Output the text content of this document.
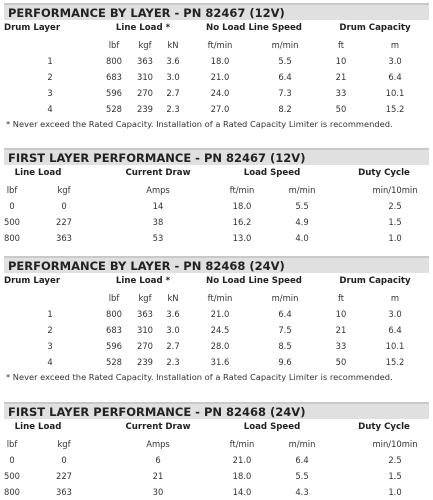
PERFORMANCE BY LAYER - PN 82467 (12V)
Drum Layer	Line Load *	No Load Line Speed	Drum Capacity
lbf kgf kN	ft/min	m/min	ft	m
1	800 363 3.6	18.0	5.5	10	3.0
2	683 310 3.0	21.0	6.4	21	6.4
3	596 270 2.7	24.0	7.3	33	10.1
4	528 239 2.3	27.0	8.2	50	15.2
* Never exceed the Rated Capacity. Installation of a Rated Capacity Limiter is recommended.
FIRST LAYER PERFORMANCE - PN 82467 (12V)
Line Load	Current Draw	Load Speed	Duty Cycle
lbf	kgf	Amps	ft/min	m/min	min/10min
0	0	14	18.0	5.5	2.5
500	227	38	16.2	4.9	1.5
800	363	53	13.0	4.0	1.0
PERFORMANCE BY LAYER - PN 82468 (24V)
Drum Layer	Line Load *	No Load Line Speed	Drum Capacity
lbf kgf kN	ft/min	m/min	ft	m
1	800 363 3.6	21.0	6.4	10	3.0
2	683 310 3.0	24.5	7.5	21	6.4
3	596 270 2.7	28.0	8.5	33	10.1
4	528 239 2.3	31.6	9.6	50	15.2
* Never exceed the Rated Capacity. Installation of a Rated Capacity Limiter is recommended.
FIRST LAYER PERFORMANCE - PN 82468 (24V)
Line Load	Current Draw	Load Speed	Duty Cycle
lbf	kgf	Amps	ft/min	m/min	min/10min
0	0	6	21.0	6.4	2.5
500	227	21	18.0	5.5	1.5
800	363	30	14.0	4.3	1.0
